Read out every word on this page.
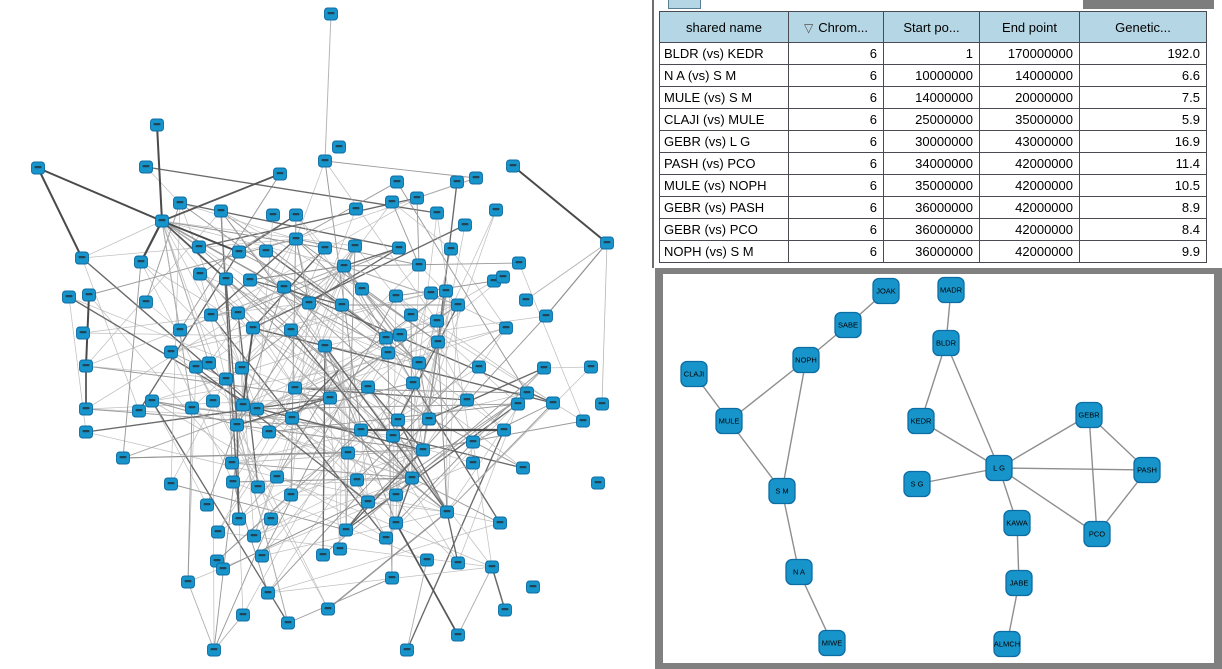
shared name	▽ Chrom...	Start po...	End point	Genetic...
BLDR (vs) KEDR	6	1	170000000	192.0
N A (vs) S M	6	10000000	14000000	6.6
MULE (vs) S M	6	14000000	20000000	7.5
CLAJI (vs) MULE	6	25000000	35000000	5.9
GEBR (vs) L G	6	30000000	43000000	16.9
PASH (vs) PCO	6	34000000	42000000	11.4
MULE (vs) NOPH	6	35000000	42000000	10.5
GEBR (vs) PASH	6	36000000	42000000	8.9
GEBR (vs) PCO	6	36000000	42000000	8.4
NOPH (vs) S M	6	36000000	42000000	9.9
JOAK	MADR
SABE
BLDR
NOPH
CLAJI
GEBR
MULE	KEDR
L G	PASH
S G
S M
KAWA
PCO
N A
JABE
MIWE	ALMCH
